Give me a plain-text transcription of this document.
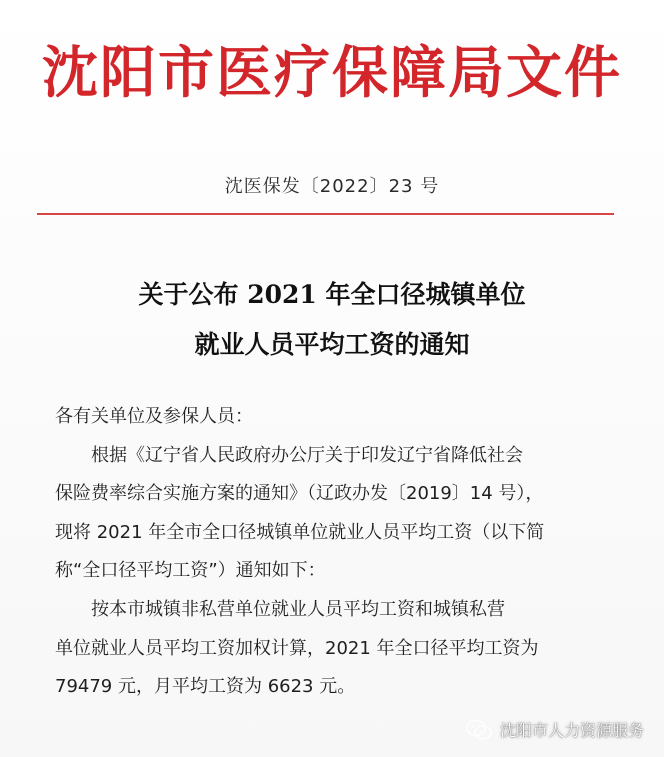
沈阳市医疗保障局文件
沈医保发〔2022〕23 号
关于公布 2021 年全口径城镇单位
就业人员平均工资的通知
各有关单位及参保人员：
根据《辽宁省人民政府办公厅关于印发辽宁省降低社会
保险费率综合实施方案的通知》（辽政办发〔2019〕14 号），
现将 2021 年全市全口径城镇单位就业人员平均工资（以下简
称“全口径平均工资”）通知如下：
按本市城镇非私营单位就业人员平均工资和城镇私营
单位就业人员平均工资加权计算，2021 年全口径平均工资为
79479 元，月平均工资为 6623 元。
沈阳市人力资源服务
